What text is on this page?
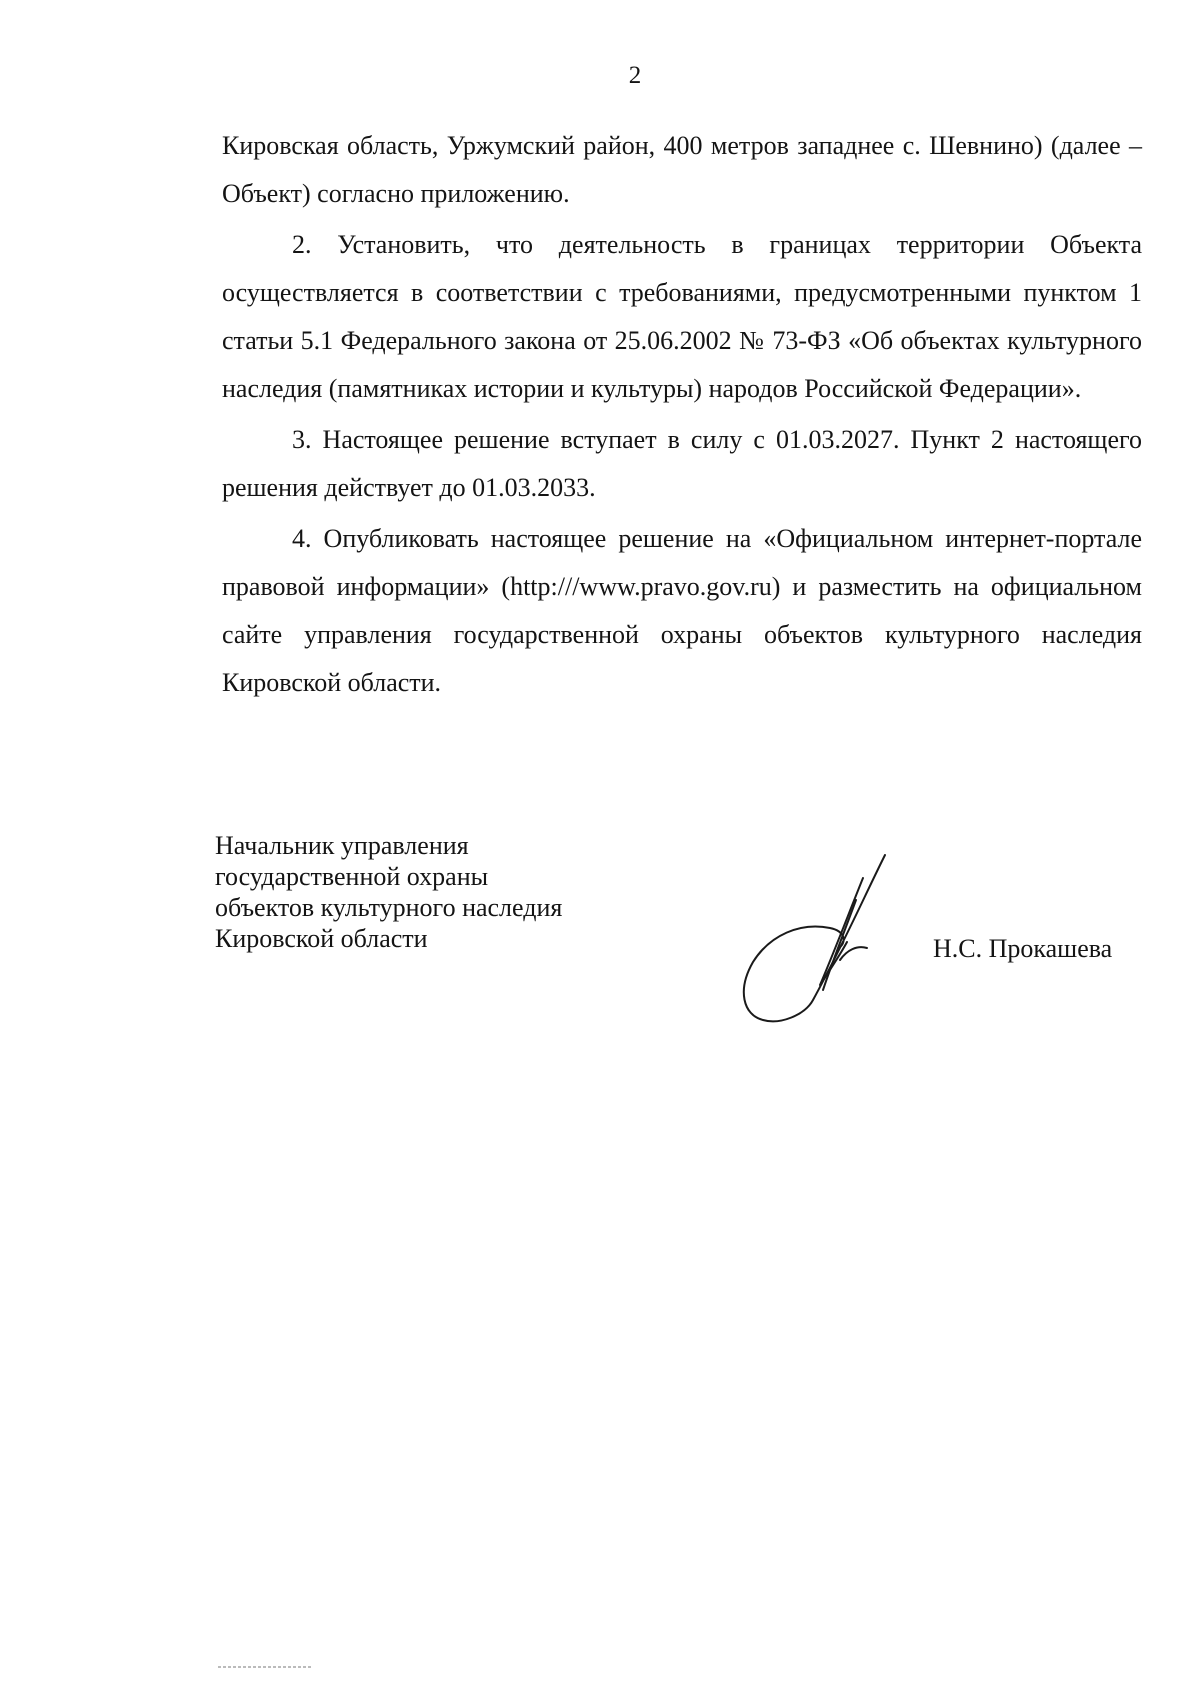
2

Кировская область, Уржумский район, 400 метров западнее с. Шевнино) (далее – Объект) согласно приложению.

2. Установить, что деятельность в границах территории Объекта осуществляется в соответствии с требованиями, предусмотренными пунктом 1 статьи 5.1 Федерального закона от 25.06.2002 № 73-ФЗ «Об объектах культурного наследия (памятниках истории и культуры) народов Российской Федерации».

3. Настоящее решение вступает в силу с 01.03.2027. Пункт 2 настоящего решения действует до 01.03.2033.

4. Опубликовать настоящее решение на «Официальном интернет-портале правовой информации» (http:///www.pravo.gov.ru) и разместить на официальном сайте управления государственной охраны объектов культурного наследия Кировской области.

Начальник управления
государственной охраны
объектов культурного наследия
Кировской области	Н.С. Прокашева
